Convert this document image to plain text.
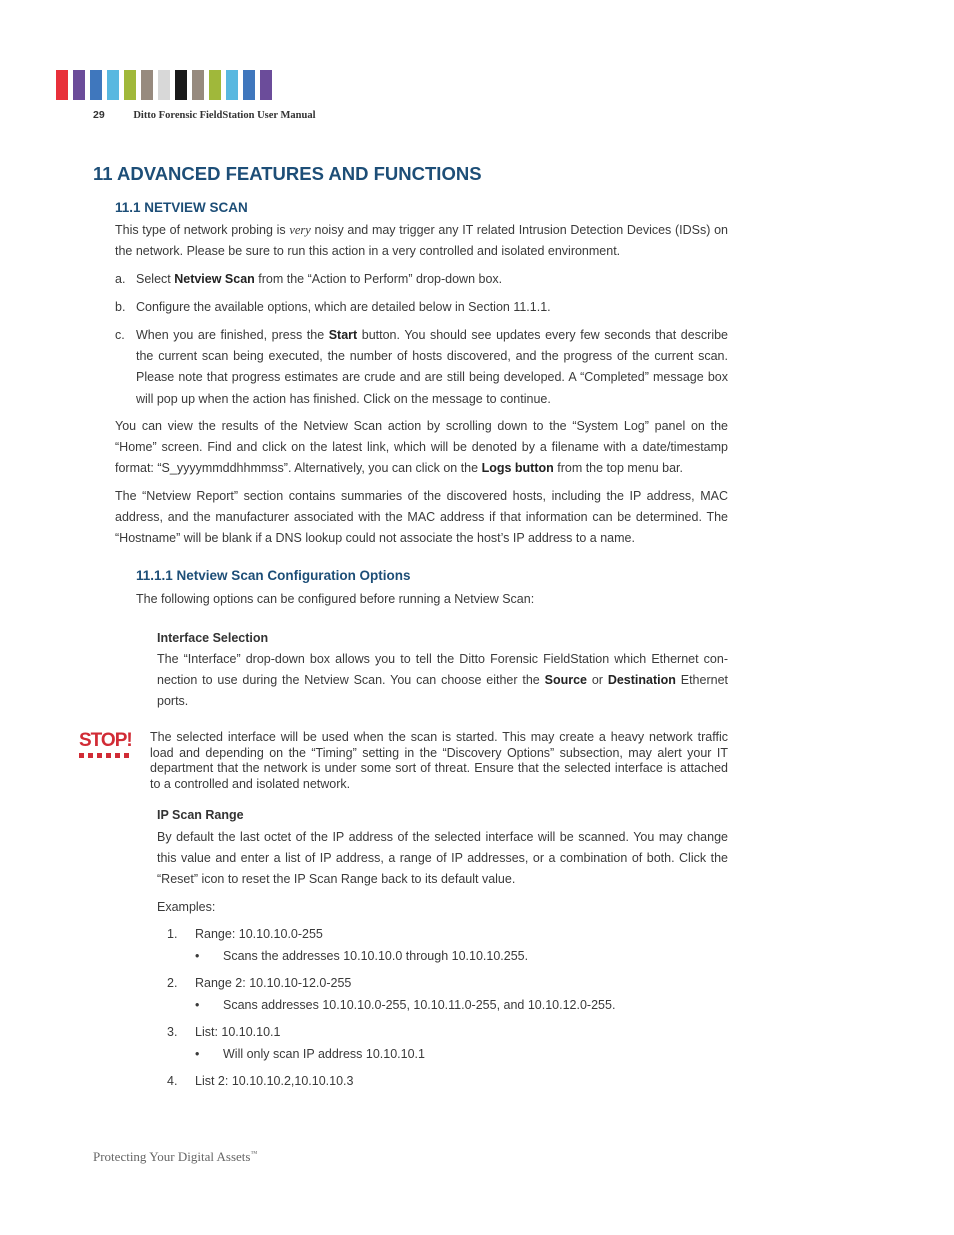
29	Ditto Forensic FieldStation User Manual
11 ADVANCED FEATURES AND FUNCTIONS
11.1 NETVIEW SCAN

This type of network probing is very noisy and may trigger any IT related Intrusion Detection Devices (IDSs) on the network. Please be sure to run this action in a very controlled and isolated environment.

a. Select Netview Scan from the “Action to Perform” drop-down box.

b. Configure the available options, which are detailed below in Section 11.1.1.

c. When you are finished, press the Start button. You should see updates every few seconds that describe the current scan being executed, the number of hosts discovered, and the progress of the current scan. Please note that progress estimates are crude and are still being developed. A “Completed” message box will pop up when the action has finished. Click on the message to continue.

You can view the results of the Netview Scan action by scrolling down to the “System Log” panel on the “Home” screen. Find and click on the latest link, which will be denoted by a filename with a date/timestamp format: “S_yyyymmddhhmmss”. Alternatively, you can click on the Logs button from the top menu bar.

The “Netview Report” section contains summaries of the discovered hosts, including the IP address, MAC address, and the manufacturer associated with the MAC address if that information can be determined. The “Hostname” will be blank if a DNS lookup could not associate the host’s IP address to a name.

11.1.1 Netview Scan Configuration Options

The following options can be configured before running a Netview Scan:

Interface Selection

The “Interface” drop-down box allows you to tell the Ditto Forensic FieldStation which Ethernet con-nection to use during the Netview Scan. You can choose either the Source or Destination Ethernet ports.

STOP! The selected interface will be used when the scan is started. This may create a heavy network traffic load and depending on the “Timing” setting in the “Discovery Options” subsection, may alert your IT department that the network is under some sort of threat. Ensure that the selected interface is attached to a controlled and isolated network.

IP Scan Range

By default the last octet of the IP address of the selected interface will be scanned. You may change this value and enter a list of IP address, a range of IP addresses, or a combination of both. Click the “Reset” icon to reset the IP Scan Range back to its default value.

Examples:

1. Range: 10.10.10.0-255
• Scans the addresses 10.10.10.0 through 10.10.10.255.
2. Range 2: 10.10.10-12.0-255
• Scans addresses 10.10.10.0-255, 10.10.11.0-255, and 10.10.12.0-255.
3. List: 10.10.10.1
• Will only scan IP address 10.10.10.1
4. List 2: 10.10.10.2,10.10.10.3
Protecting Your Digital Assets™
